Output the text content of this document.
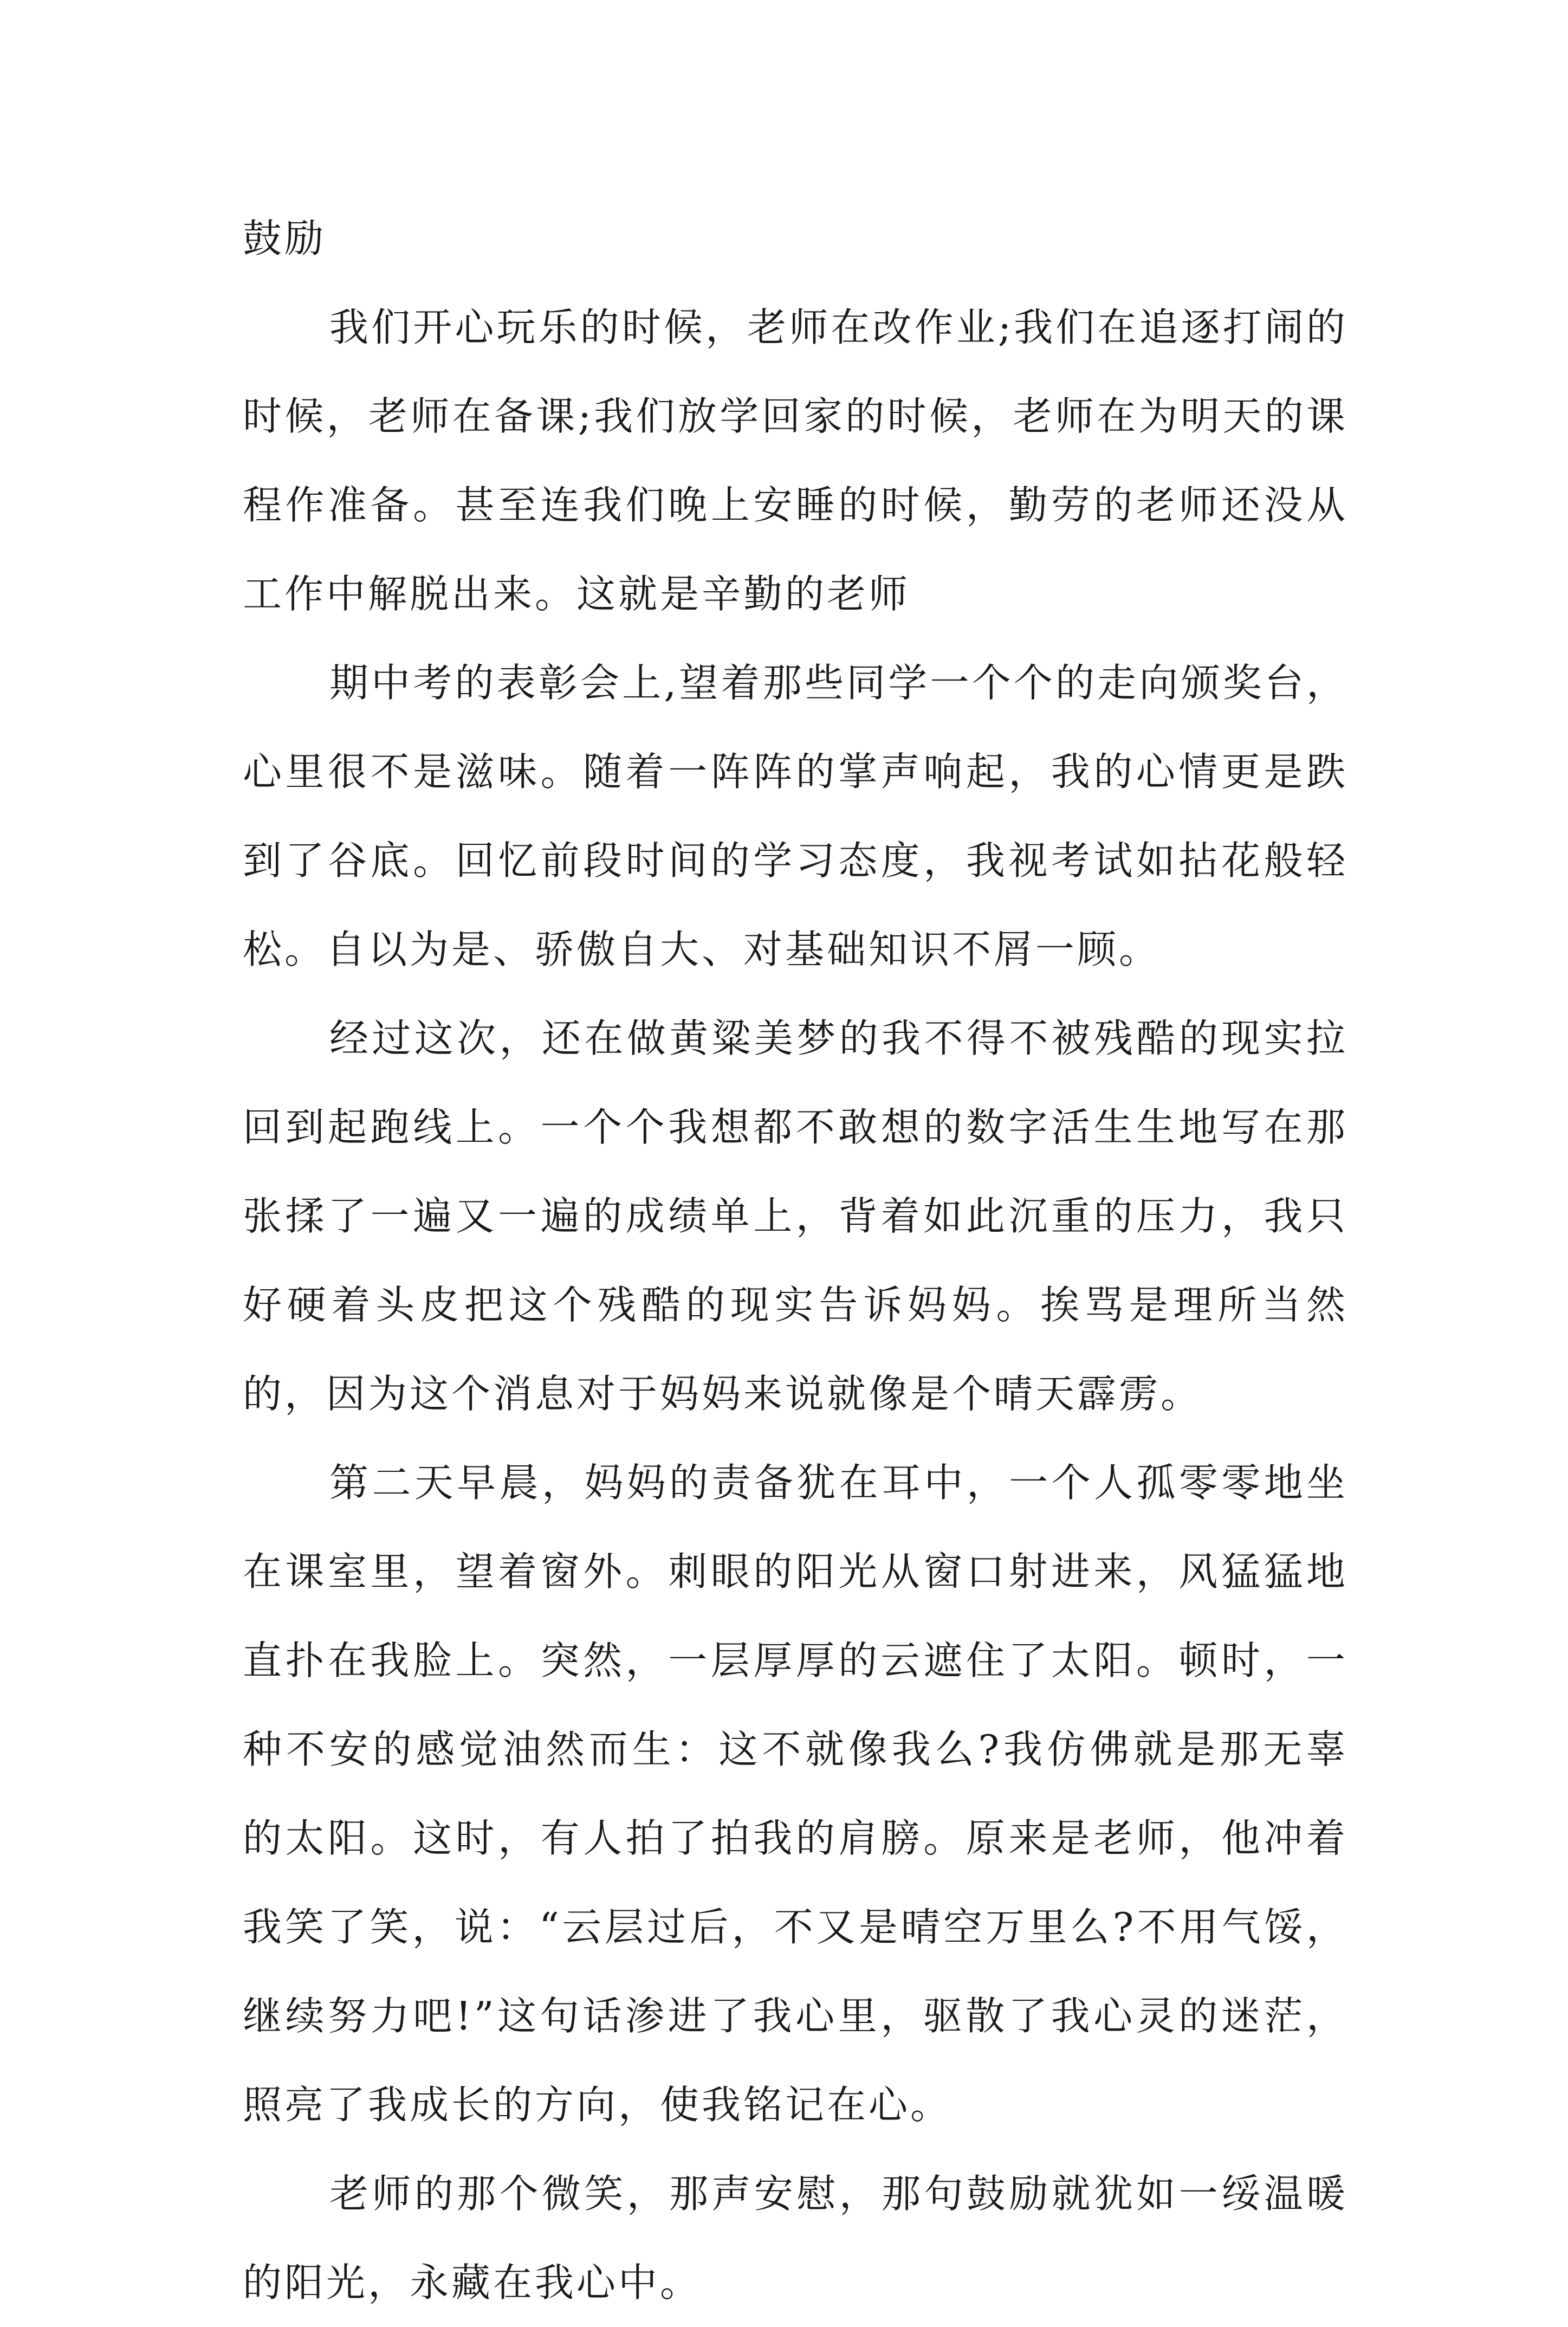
鼓励

我们开心玩乐的时候，老师在改作业;我们在追逐打闹的时候，老师在备课;我们放学回家的时候，老师在为明天的课程作准备。甚至连我们晚上安睡的时候，勤劳的老师还没从工作中解脱出来。这就是辛勤的老师

期中考的表彰会上,望着那些同学一个个的走向颁奖台，心里很不是滋味。随着一阵阵的掌声响起，我的心情更是跌到了谷底。回忆前段时间的学习态度，我视考试如拈花般轻松。自以为是、骄傲自大、对基础知识不屑一顾。

经过这次，还在做黄粱美梦的我不得不被残酷的现实拉回到起跑线上。一个个我想都不敢想的数字活生生地写在那张揉了一遍又一遍的成绩单上，背着如此沉重的压力，我只好硬着头皮把这个残酷的现实告诉妈妈。挨骂是理所当然的，因为这个消息对于妈妈来说就像是个晴天霹雳。

第二天早晨，妈妈的责备犹在耳中，一个人孤零零地坐在课室里，望着窗外。刺眼的阳光从窗口射进来，风猛猛地直扑在我脸上。突然，一层厚厚的云遮住了太阳。顿时，一种不安的感觉油然而生：这不就像我么?我仿佛就是那无辜的太阳。这时，有人拍了拍我的肩膀。原来是老师，他冲着我笑了笑，说：“云层过后，不又是晴空万里么?不用气馁，继续努力吧!”这句话渗进了我心里，驱散了我心灵的迷茫，照亮了我成长的方向，使我铭记在心。

老师的那个微笑，那声安慰，那句鼓励就犹如一绥温暖的阳光，永藏在我心中。
